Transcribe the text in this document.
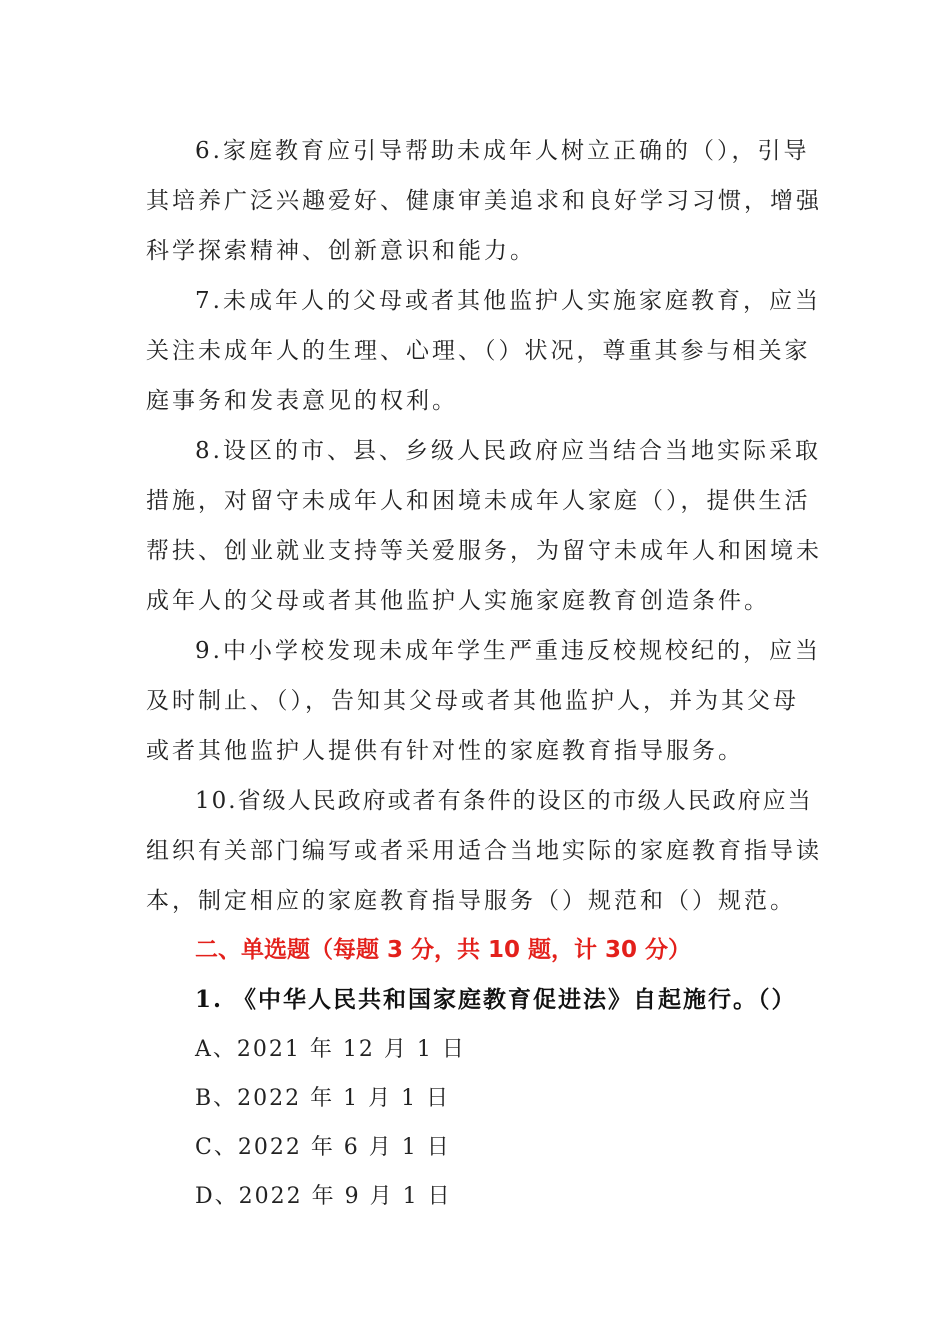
6.家庭教育应引导帮助未成年人树立正确的（），引导
其培养广泛兴趣爱好、健康审美追求和良好学习习惯，增强
科学探索精神、创新意识和能力。
7.未成年人的父母或者其他监护人实施家庭教育，应当
关注未成年人的生理、心理、（）状况，尊重其参与相关家
庭事务和发表意见的权利。
8.设区的市、县、乡级人民政府应当结合当地实际采取
措施，对留守未成年人和困境未成年人家庭（），提供生活
帮扶、创业就业支持等关爱服务，为留守未成年人和困境未
成年人的父母或者其他监护人实施家庭教育创造条件。
9.中小学校发现未成年学生严重违反校规校纪的，应当
及时制止、（），告知其父母或者其他监护人，并为其父母
或者其他监护人提供有针对性的家庭教育指导服务。
10.省级人民政府或者有条件的设区的市级人民政府应当
组织有关部门编写或者采用适合当地实际的家庭教育指导读
本，制定相应的家庭教育指导服务（）规范和（）规范。
二、单选题（每题 3 分，共 10 题，计 30 分）
1. 《中华人民共和国家庭教育促进法》自起施行。（）
A、2021 年 12 月 1 日
B、2022 年 1 月 1 日
C、2022 年 6 月 1 日
D、2022 年 9 月 1 日
